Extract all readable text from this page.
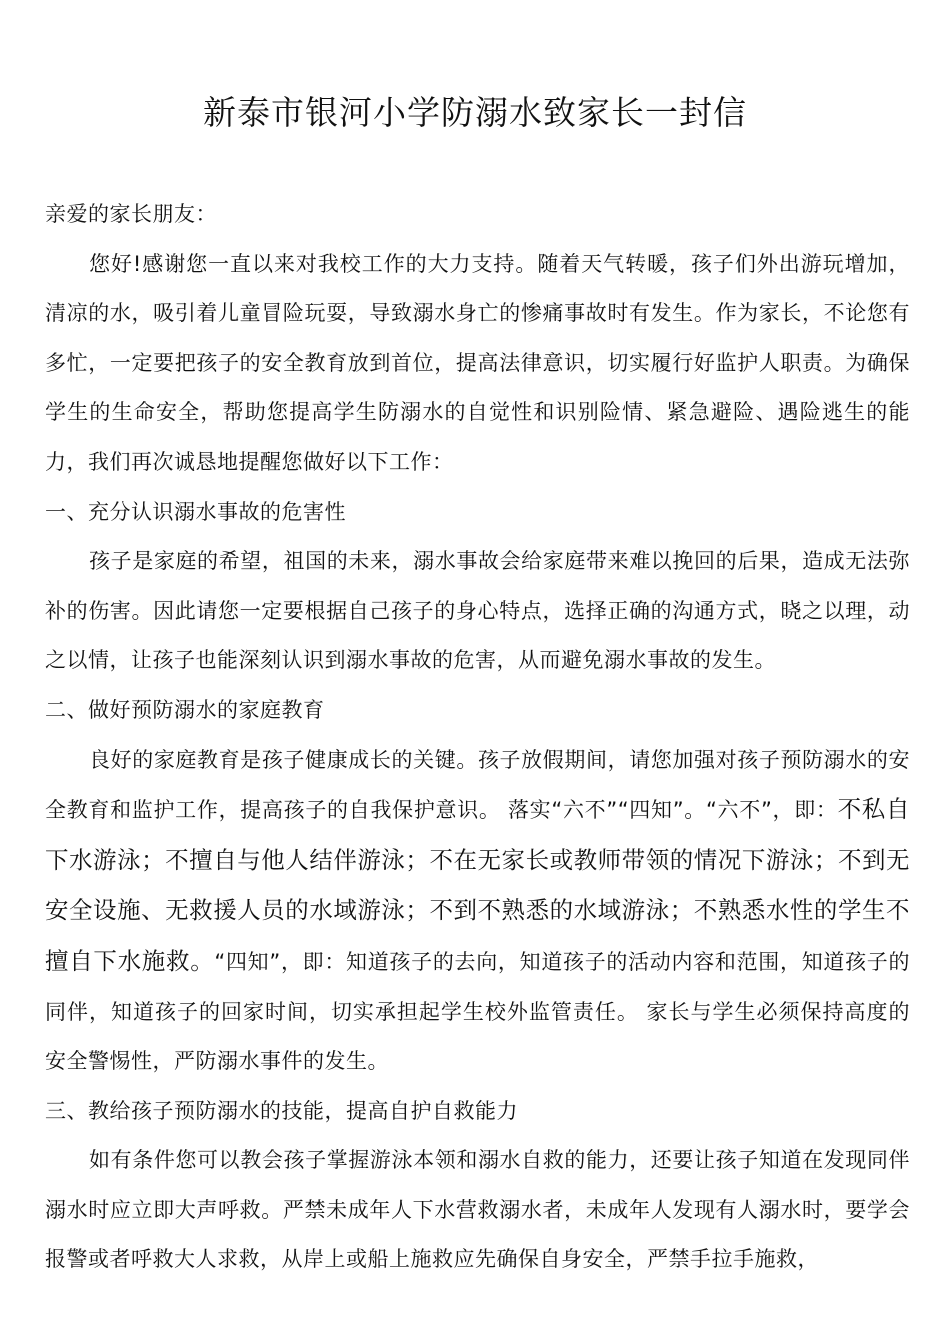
新泰市银河小学防溺水致家长一封信

亲爱的家长朋友：

您好!感谢您一直以来对我校工作的大力支持。随着天气转暖，孩子们外出游玩增加，清凉的水，吸引着儿童冒险玩耍，导致溺水身亡的惨痛事故时有发生。作为家长，不论您有多忙，一定要把孩子的安全教育放到首位，提高法律意识，切实履行好监护人职责。为确保学生的生命安全，帮助您提高学生防溺水的自觉性和识别险情、紧急避险、遇险逃生的能力，我们再次诚恳地提醒您做好以下工作：

一、充分认识溺水事故的危害性

孩子是家庭的希望，祖国的未来，溺水事故会给家庭带来难以挽回的后果，造成无法弥补的伤害。因此请您一定要根据自己孩子的身心特点，选择正确的沟通方式，晓之以理，动之以情，让孩子也能深刻认识到溺水事故的危害，从而避免溺水事故的发生。

二、做好预防溺水的家庭教育

良好的家庭教育是孩子健康成长的关键。孩子放假期间，请您加强对孩子预防溺水的安全教育和监护工作，提高孩子的自我保护意识。 落实“六不”“四知”。“六不”，即：不私自 下水游泳；不擅自与他人结伴游泳；不在无家长或教师带领的情况下游泳；不到无安全设施、无救援人员的水域游泳；不到不熟悉的水域游泳；不熟悉水性的学生不擅自下水施救。“四知”，即：知道孩子的去向，知道孩子的活动内容和范围，知道孩子的同伴，知道孩子的回家时间，切实承担起学生校外监管责任。 家长与学生必须保持高度的安全警惕性，严防溺水事件的发生。

三、教给孩子预防溺水的技能，提高自护自救能力

如有条件您可以教会孩子掌握游泳本领和溺水自救的能力，还要让孩子知道在发现同伴溺水时应立即大声呼救。严禁未成年人下水营救溺水者，未成年人发现有人溺水时，要学会报警或者呼救大人求救，从岸上或船上施救应先确保自身安全，严禁手拉手施救，
